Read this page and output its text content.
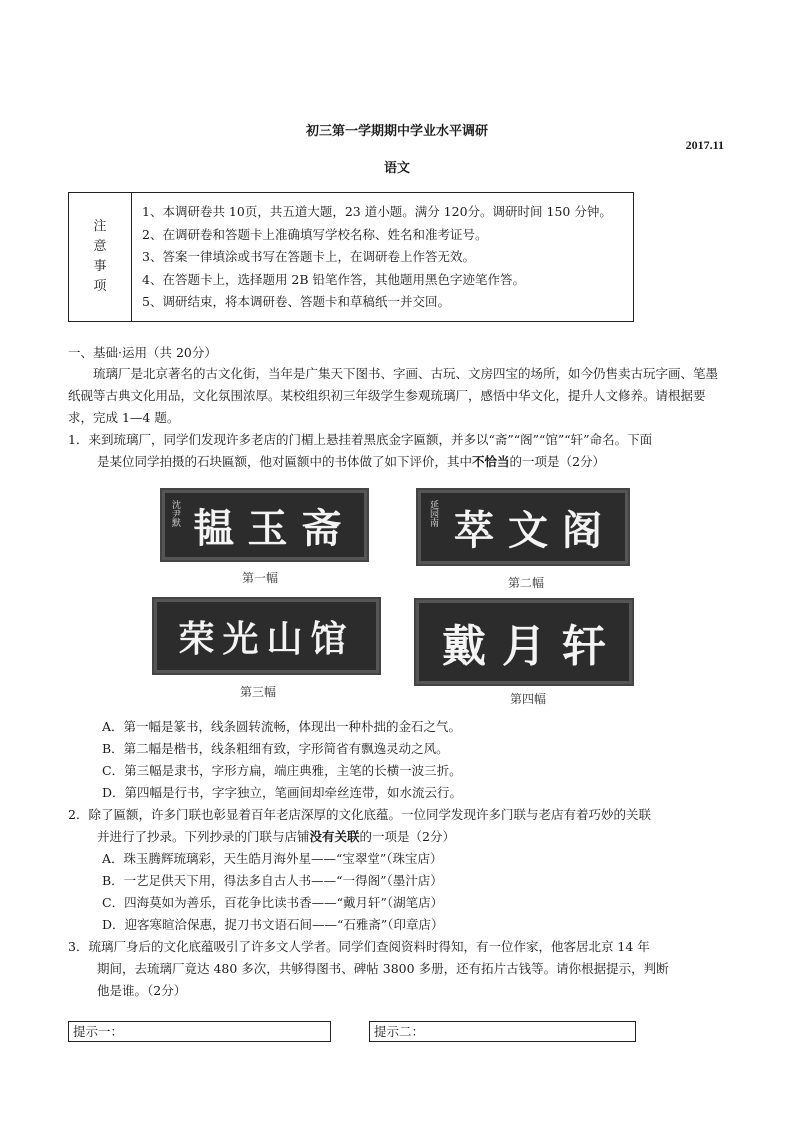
初三第一学期期中学业水平调研
2017.11
语文
注
意
事
项
1、本调研卷共 10页，共五道大题，23 道小题。满分 120分。调研时间 150 分钟。
2、在调研卷和答题卡上准确填写学校名称、姓名和准考证号。
3、答案一律填涂或书写在答题卡上，在调研卷上作答无效。
4、在答题卡上，选择题用 2B 铅笔作答，其他题用黑色字迹笔作答。
5、调研结束，将本调研卷、答题卡和草稿纸一并交回。
一、基础·运用（共 20分）
琉璃厂是北京著名的古文化街，当年是广集天下图书、字画、古玩、文房四宝的场所，如今仍售卖古玩字画、笔墨纸砚等古典文化用品，文化氛围浓厚。某校组织初三年级学生参观琉璃厂，感悟中华文化，提升人文修养。请根据要求，完成 1—4 题。
1．来到琉璃厂，同学们发现许多老店的门楣上悬挂着黑底金字匾额，并多以“斋”“阁”“馆”“轩”命名。下面
是某位同学拍摄的石块匾额，他对匾额中的书体做了如下评价，其中不恰当的一项是（2分）
沈尹默 韫玉斋
第一幅
延园南 萃文阁
第二幅
荣光山馆
第三幅
戴月轩
第四幅
A．第一幅是篆书，线条圆转流畅，体现出一种朴拙的金石之气。
B．第二幅是楷书，线条粗细有致，字形简省有飘逸灵动之风。
C．第三幅是隶书，字形方扁，端庄典雅，主笔的长横一波三折。
D．第四幅是行书，字字独立，笔画间却牵丝连带，如水流云行。
2．除了匾额，许多门联也彰显着百年老店深厚的文化底蕴。一位同学发现许多门联与老店有着巧妙的关联
并进行了抄录。下列抄录的门联与店铺没有关联的一项是（2分）
A．珠玉腾辉琉璃彩，天生皓月海外星——“宝翠堂”（珠宝店）
B．一艺足供天下用，得法多自古人书——“一得阁”（墨汁店）
C．四海莫如为善乐，百花争比读书香——“戴月轩”（湖笔店）
D．迎客寒暄洽保惠，捉刀书文语石间——“石雅斋”（印章店）
3．琉璃厂身后的文化底蕴吸引了许多文人学者。同学们查阅资料时得知，有一位作家，他客居北京 14 年
期间，去琉璃厂竟达 480 多次，共够得图书、碑帖 3800 多册，还有拓片古钱等。请你根据提示，判断
他是谁。（2分）
提示一：	提示二：
